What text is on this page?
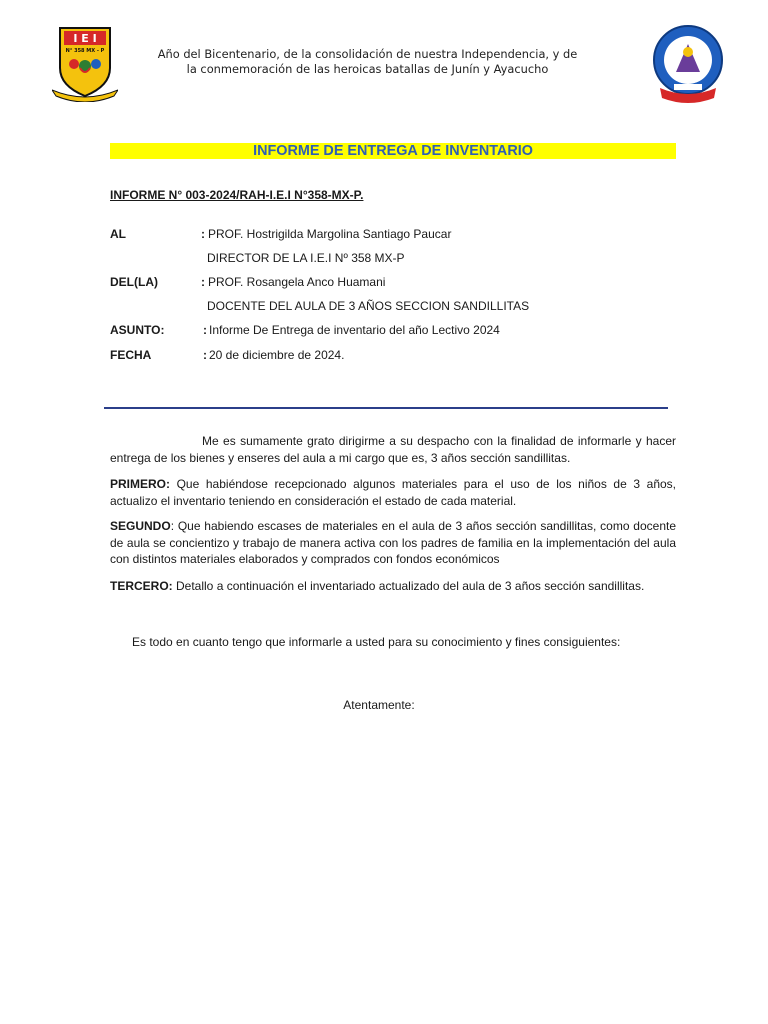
I E I
N° 358 MX - P	Año del Bicentenario, de la consolidación de nuestra Independencia, y de
la conmemoración de las heroicas batallas de Junín y Ayacucho
INFORME DE ENTREGA DE INVENTARIO
INFORME N° 003-2024/RAH-I.E.I N°358-MX-P.
AL	: PROF. Hostrigilda Margolina Santiago Paucar
DIRECTOR DE LA I.E.I Nº 358 MX-P
DEL(LA)	: PROF. Rosangela Anco Huamani
DOCENTE DEL AULA DE 3 AÑOS SECCION SANDILLITAS
ASUNTO:	: Informe De Entrega de inventario del año Lectivo 2024
FECHA	: 20 de diciembre de 2024.
Me es sumamente grato dirigirme a su despacho con la finalidad de informarle y hacer entrega de los bienes y enseres del aula a mi cargo que es, 3 años sección sandillitas.
PRIMERO: Que habiéndose recepcionado algunos materiales para el uso de los niños de 3 años, actualizo el inventario teniendo en consideración el estado de cada material.
SEGUNDO: Que habiendo escases de materiales en el aula de 3 años sección sandillitas, como docente de aula se concientizo y trabajo de manera activa con los padres de familia en la implementación del aula con distintos materiales elaborados y comprados con fondos económicos
TERCERO: Detallo a continuación el inventariado actualizado del aula de 3 años sección sandillitas.
Es todo en cuanto tengo que informarle a usted para su conocimiento y fines consiguientes:
Atentamente:
